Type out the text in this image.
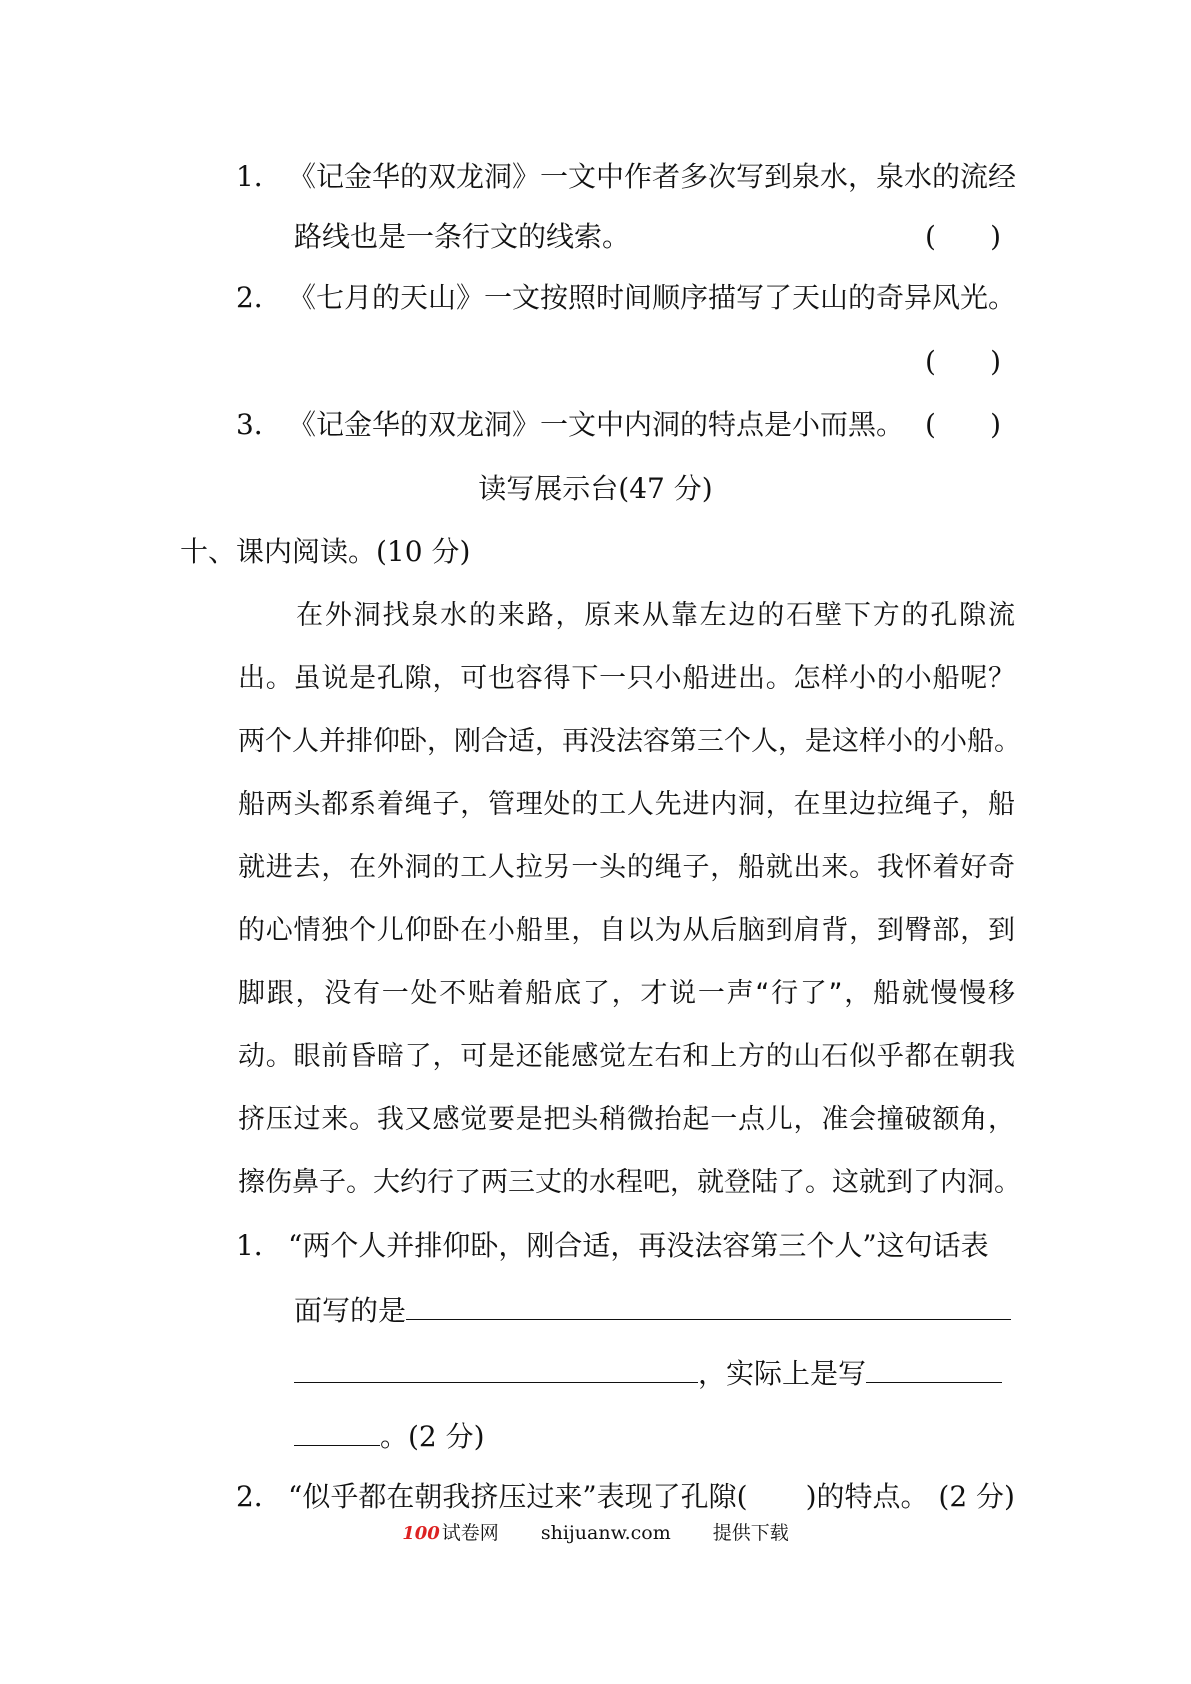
1． 《记金华的双龙洞》一文中作者多次写到泉水，泉水的流经
路线也是一条行文的线索。	( )
2． 《七月的天山》一文按照时间顺序描写了天山的奇异风光。
( )
3． 《记金华的双龙洞》一文中内洞的特点是小而黑。 ( )
读写展示台(47 分)
十、课内阅读。(10 分)
在外洞找泉水的来路，原来从靠左边的石壁下方的孔隙流
出。虽说是孔隙，可也容得下一只小船进出。怎样小的小船呢？
两个人并排仰卧，刚合适，再没法容第三个人，是这样小的小船。
船两头都系着绳子，管理处的工人先进内洞，在里边拉绳子，船
就进去，在外洞的工人拉另一头的绳子，船就出来。我怀着好奇
的心情独个儿仰卧在小船里，自以为从后脑到肩背，到臀部，到
脚跟，没有一处不贴着船底了，才说一声“行了”，船就慢慢移
动。眼前昏暗了，可是还能感觉左右和上方的山石似乎都在朝我
挤压过来。我又感觉要是把头稍微抬起一点儿，准会撞破额角，
擦伤鼻子。大约行了两三丈的水程吧，就登陆了。这就到了内洞。
1． “两个人并排仰卧，刚合适，再没法容第三个人”这句话表
面写的是
，实际上是写
。(2 分)
2． “似乎都在朝我挤压过来”表现了孔隙( )的特点。 (2 分)
100 试卷网 shijuanw.com 提供下载
